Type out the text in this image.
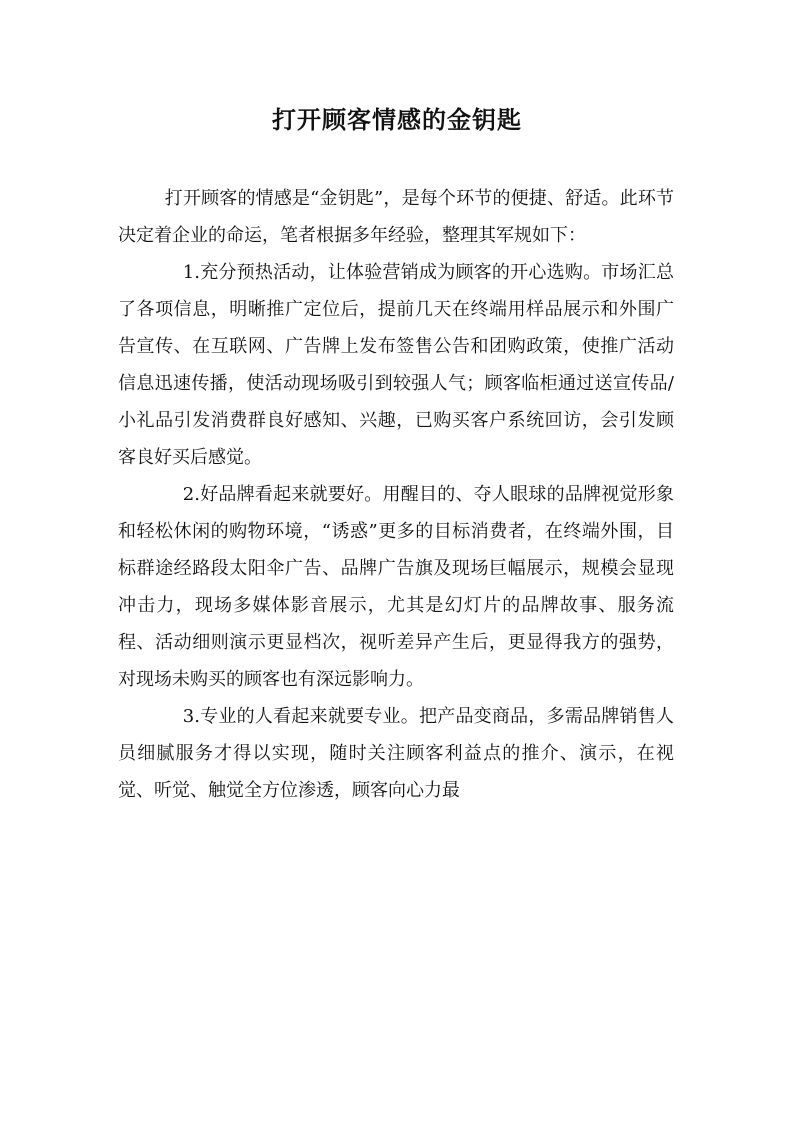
打开顾客情感的金钥匙

打开顾客的情感是“金钥匙”，是每个环节的便捷、舒适。此环节决定着企业的命运，笔者根据多年经验，整理其军规如下：

1.充分预热活动，让体验营销成为顾客的开心选购。市场汇总了各项信息，明晰推广定位后，提前几天在终端用样品展示和外围广告宣传、在互联网、广告牌上发布签售公告和团购政策，使推广活动信息迅速传播，使活动现场吸引到较强人气；顾客临柜通过送宣传品/小礼品引发消费群良好感知、兴趣，已购买客户系统回访，会引发顾客良好买后感觉。

2.好品牌看起来就要好。用醒目的、夺人眼球的品牌视觉形象和轻松休闲的购物环境，“诱惑”更多的目标消费者，在终端外围，目标群途经路段太阳伞广告、品牌广告旗及现场巨幅展示，规模会显现冲击力，现场多媒体影音展示，尤其是幻灯片的品牌故事、服务流程、活动细则演示更显档次，视听差异产生后，更显得我方的强势，对现场未购买的顾客也有深远影响力。

3.专业的人看起来就要专业。把产品变商品，多需品牌销售人员细腻服务才得以实现，随时关注顾客利益点的推介、演示，在视觉、听觉、触觉全方位渗透，顾客向心力最
